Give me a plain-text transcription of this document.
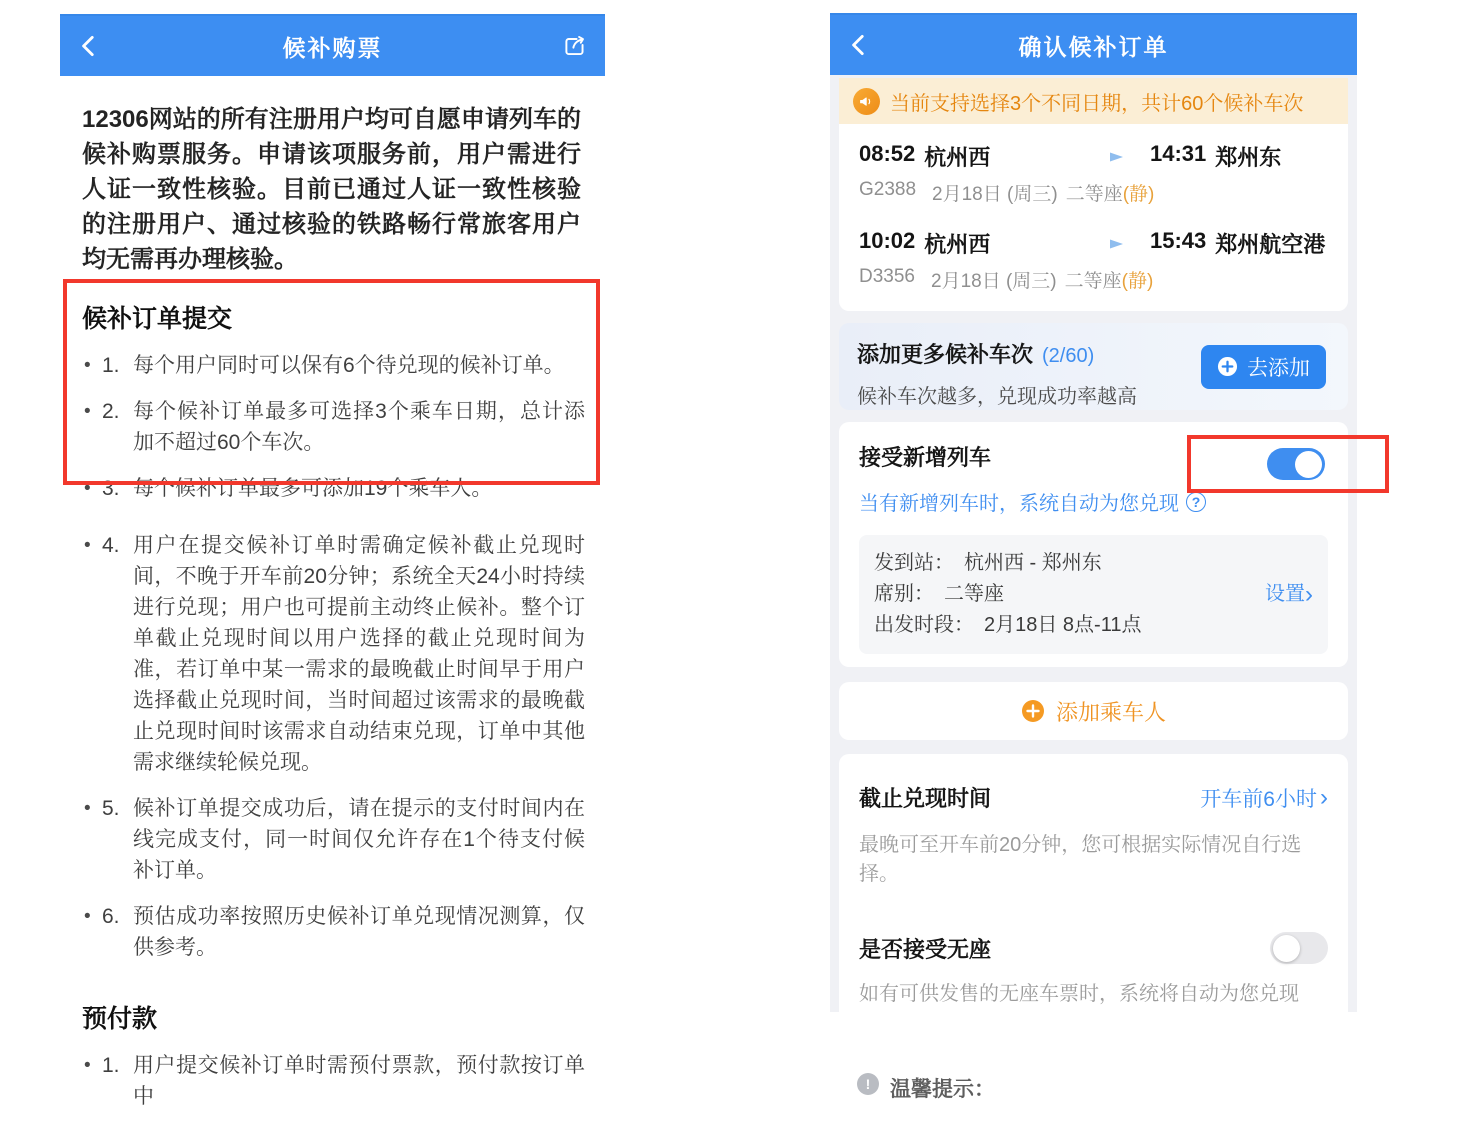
候补购票

12306网站的所有注册用户均可自愿申请列车的候补购票服务。申请该项服务前，用户需进行人证一致性核验。目前已通过人证一致性核验的注册用户、通过核验的铁路畅行常旅客用户均无需再办理核验。

候补订单提交
• 1. 每个用户同时可以保有6个待兑现的候补订单。
• 2. 每个候补订单最多可选择3个乘车日期，总计添加不超过60个车次。
• 3. 每个候补订单最多可添加19个乘车人。
• 4. 用户在提交候补订单时需确定候补截止兑现时间，不晚于开车前20分钟；系统全天24小时持续进行兑现；用户也可提前主动终止候补。整个订单截止兑现时间以用户选择的截止兑现时间为准，若订单中某一需求的最晚截止时间早于用户选择截止兑现时间，当时间超过该需求的最晚截止兑现时间时该需求自动结束兑现，订单中其他需求继续轮候兑现。
• 5. 候补订单提交成功后，请在提示的支付时间内在线完成支付，同一时间仅允许存在1个待支付候补订单。
• 6. 预估成功率按照历史候补订单兑现情况测算，仅供参考。
预付款
• 1. 用户提交候补订单时需预付票款，预付款按订单中
确认候补订单
当前支持选择3个不同日期，共计60个候补车次
08:52 杭州西	14:31 郑州东
G2388 2月18日 (周三) 二等座 (静)
10:02 杭州西	15:43 郑州航空港
D3356 2月18日 (周三) 二等座 (静)
添加更多候补车次 (2/60)
候补车次越多，兑现成功率越高
去添加
接受新增列车
当有新增列车时，系统自动为您兑现 ?
发到站： 杭州西 - 郑州东
席别： 二等座	设置 ›
出发时段： 2月18日 8点-11点
添加乘车人
截止兑现时间	开车前6小时 ›
最晚可至开车前20分钟，您可根据实际情况自行选择。
是否接受无座
如有可供发售的无座车票时，系统将自动为您兑现
! 温馨提示：
